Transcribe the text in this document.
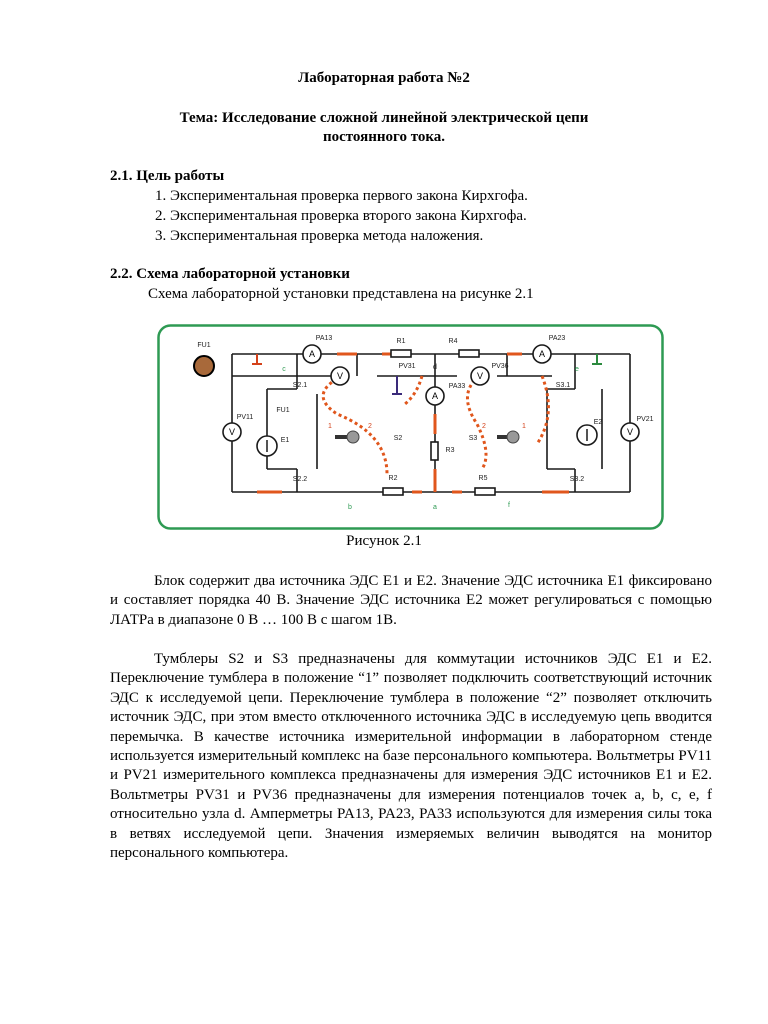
Лабораторная работа №2
Тема: Исследование сложной линейной электрической цепи
постоянного тока.
2.1. Цель работы
1. Экспериментальная проверка первого закона Кирхгофа.
2. Экспериментальная проверка второго закона Кирхгофа.
3. Экспериментальная проверка метода наложения.
2.2. Схема лабораторной установки
Схема лабораторной установки представлена на рисунке 2.1
A	A
A
V	V
V	V
FU1
PA13	R1	R4	PA23
c	e
d
PV31	PV36
PA33
S2.1	S3.1
PV11
FU1
E1
E2	PV21
1	2	2	1
S2	S3
R3
R2	R5
S2.2	S3.2
b	a	f
Рисунок 2.1

Блок содержит два источника ЭДС E1 и E2. Значение ЭДС источника E1 фиксировано и составляет порядка 40 В. Значение ЭДС источника E2 может регулироваться с помощью ЛАТРа в диапазоне 0 В … 100 В с шагом 1В.

Тумблеры S2 и S3 предназначены для коммутации источников ЭДС E1 и E2. Переключение тумблера в положение “1” позволяет подключить соответствующий источник ЭДС к исследуемой цепи. Переключение тумблера в положение “2” позволяет отключить источник ЭДС, при этом вместо отключенного источника ЭДС в исследуемую цепь вводится перемычка. В качестве источника измерительной информации в лабораторном стенде используется измерительный комплекс на базе персонального компьютера. Вольтметры PV11 и PV21 измерительного комплекса предназначены для измерения ЭДС источников E1 и E2. Вольтметры PV31 и PV36 предназначены для измерения потенциалов точек a, b, c, e, f относительно узла d. Амперметры PA13, PA23, PA33 используются для измерения силы тока в ветвях исследуемой цепи. Значения измеряемых величин выводятся на монитор персонального компьютера.
